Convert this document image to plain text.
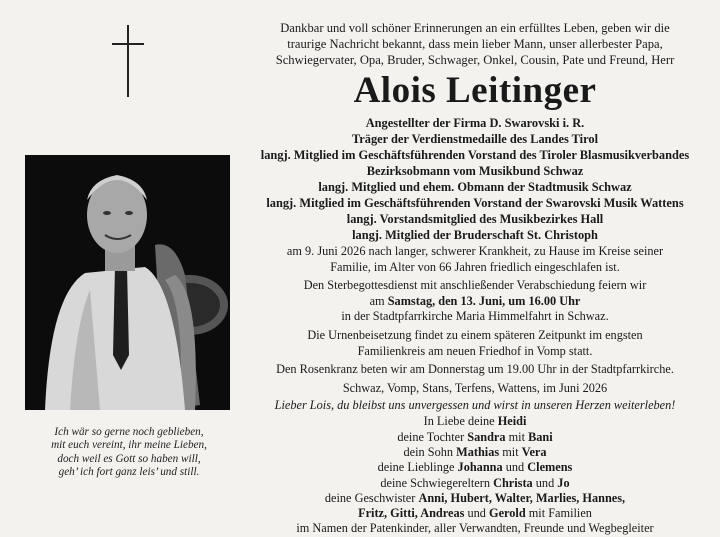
Ich wär so gerne noch geblieben,
mit euch vereint, ihr meine Lieben,
doch weil es Gott so haben will,
geh’ ich fort ganz leis’ und still.
Dankbar und voll schöner Erinnerungen an ein erfülltes Leben, geben wir die
traurige Nachricht bekannt, dass mein lieber Mann, unser allerbester Papa,
Schwiegervater, Opa, Bruder, Schwager, Onkel, Cousin, Pate und Freund, Herr
Alois Leitinger
Angestellter der Firma D. Swarovski i. R.
Träger der Verdienstmedaille des Landes Tirol
langj. Mitglied im Geschäftsführenden Vorstand des Tiroler Blasmusikverbandes
Bezirksobmann vom Musikbund Schwaz
langj. Mitglied und ehem. Obmann der Stadtmusik Schwaz
langj. Mitglied im Geschäftsführenden Vorstand der Swarovski Musik Wattens
langj. Vorstandsmitglied des Musikbezirkes Hall
langj. Mitglied der Bruderschaft St. Christoph
am 9. Juni 2026 nach langer, schwerer Krankheit, zu Hause im Kreise seiner
Familie, im Alter von 66 Jahren friedlich eingeschlafen ist.
Den Sterbegottesdienst mit anschließender Verabschiedung feiern wir
am Samstag, den 13. Juni, um 16.00 Uhr
in der Stadtpfarrkirche Maria Himmelfahrt in Schwaz.
Die Urnenbeisetzung findet zu einem späteren Zeitpunkt im engsten
Familienkreis am neuen Friedhof in Vomp statt.
Den Rosenkranz beten wir am Donnerstag um 19.00 Uhr in der Stadtpfarrkirche.
Schwaz, Vomp, Stans, Terfens, Wattens, im Juni 2026
Lieber Lois, du bleibst uns unvergessen und wirst in unseren Herzen weiterleben!
In Liebe deine Heidi
deine Tochter Sandra mit Bani
dein Sohn Mathias mit Vera
deine Lieblinge Johanna und Clemens
deine Schwiegereltern Christa und Jo
deine Geschwister Anni, Hubert, Walter, Marlies, Hannes,
Fritz, Gitti, Andreas und Gerold mit Familien
im Namen der Patenkinder, aller Verwandten, Freunde und Wegbegleiter
